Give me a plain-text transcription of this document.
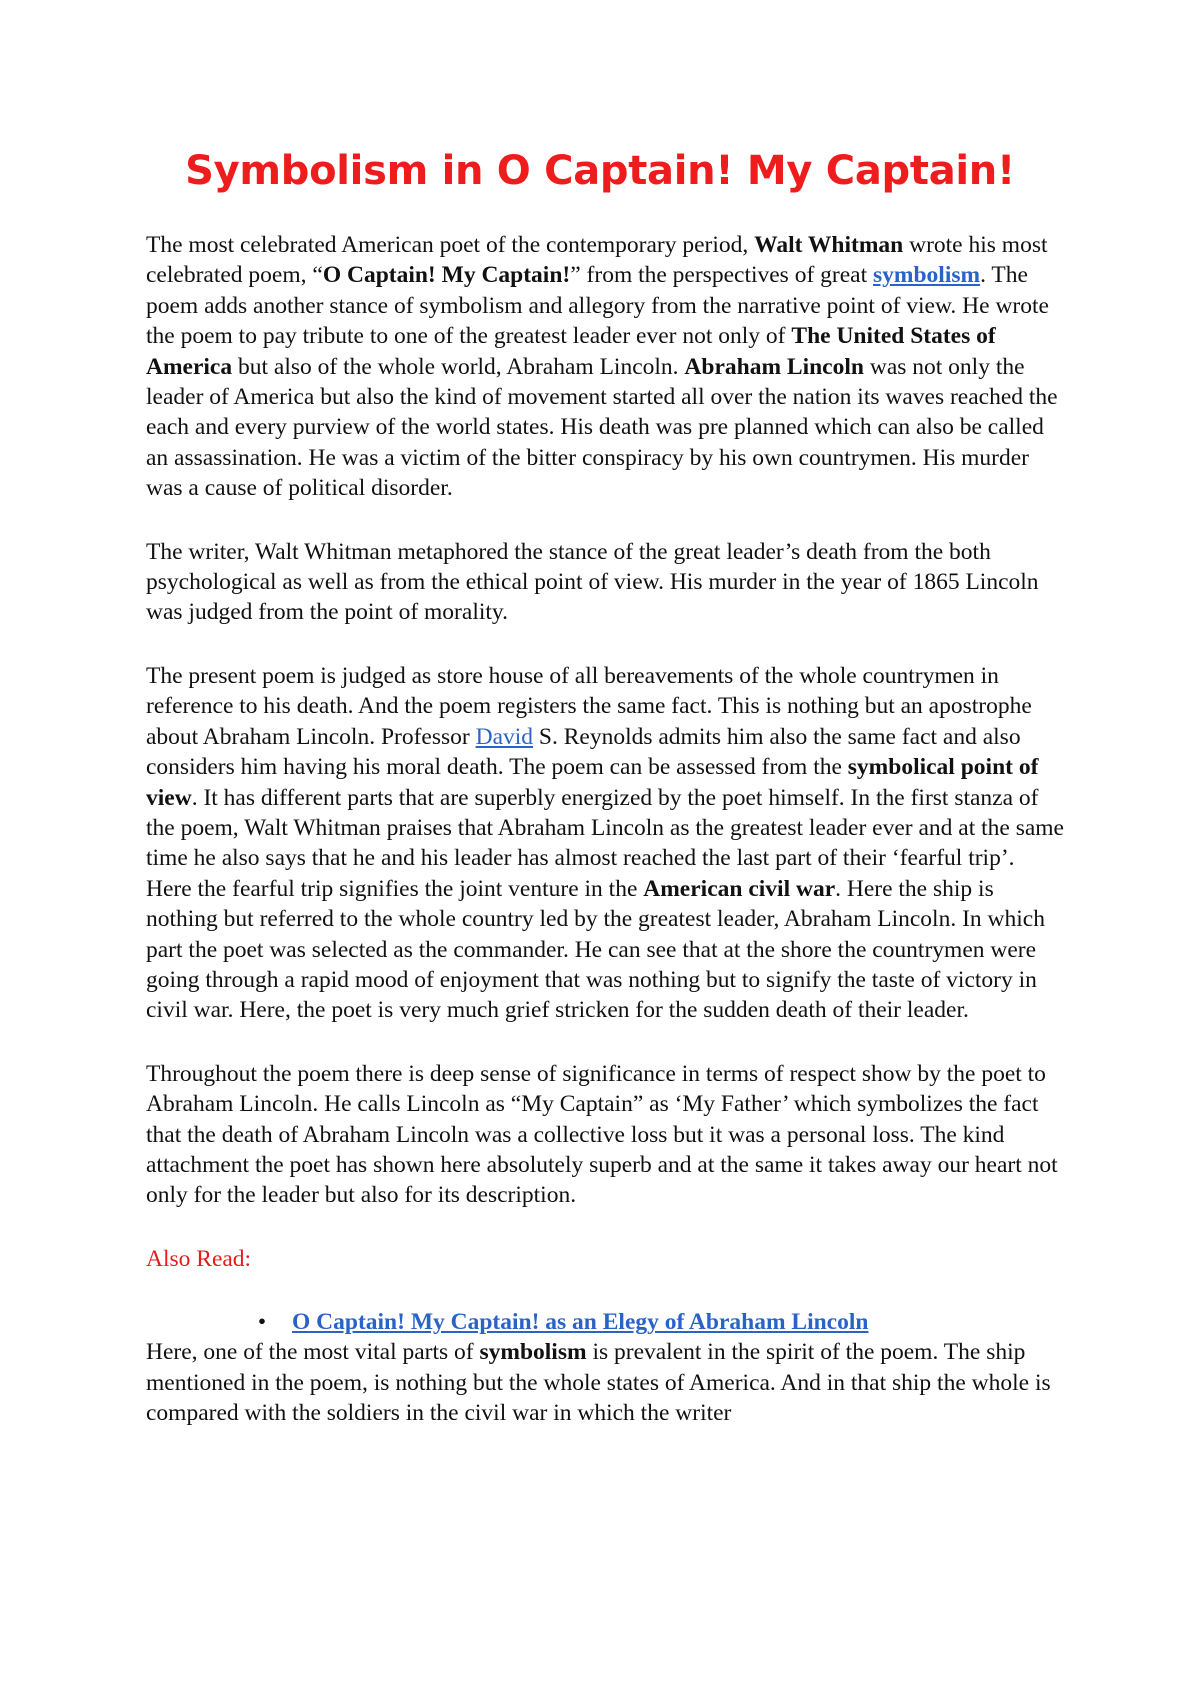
Symbolism in O Captain! My Captain!

The most celebrated American poet of the contemporary period, Walt Whitman wrote his most celebrated poem, “O Captain! My Captain!” from the perspectives of great symbolism. The poem adds another stance of symbolism and allegory from the narrative point of view. He wrote the poem to pay tribute to one of the greatest leader ever not only of The United States of America but also of the whole world, Abraham Lincoln. Abraham Lincoln was not only the leader of America but also the kind of movement started all over the nation its waves reached the each and every purview of the world states. His death was pre planned which can also be called an assassination. He was a victim of the bitter conspiracy by his own countrymen. His murder was a cause of political disorder.

The writer, Walt Whitman metaphored the stance of the great leader’s death from the both psychological as well as from the ethical point of view. His murder in the year of 1865 Lincoln was judged from the point of morality.

The present poem is judged as store house of all bereavements of the whole countrymen in reference to his death. And the poem registers the same fact. This is nothing but an apostrophe about Abraham Lincoln. Professor David S. Reynolds admits him also the same fact and also considers him having his moral death. The poem can be assessed from the symbolical point of view. It has different parts that are superbly energized by the poet himself. In the first stanza of the poem, Walt Whitman praises that Abraham Lincoln as the greatest leader ever and at the same time he also says that he and his leader has almost reached the last part of their ‘fearful trip’. Here the fearful trip signifies the joint venture in the American civil war. Here the ship is nothing but referred to the whole country led by the greatest leader, Abraham Lincoln. In which part the poet was selected as the commander. He can see that at the shore the countrymen were going through a rapid mood of enjoyment that was nothing but to signify the taste of victory in civil war. Here, the poet is very much grief stricken for the sudden death of their leader.

Throughout the poem there is deep sense of significance in terms of respect show by the poet to Abraham Lincoln. He calls Lincoln as “My Captain” as ‘My Father’ which symbolizes the fact that the death of Abraham Lincoln was a collective loss but it was a personal loss. The kind attachment the poet has shown here absolutely superb and at the same it takes away our heart not only for the leader but also for its description.

Also Read:

• O Captain! My Captain! as an Elegy of Abraham Lincoln

Here, one of the most vital parts of symbolism is prevalent in the spirit of the poem. The ship mentioned in the poem, is nothing but the whole states of America. And in that ship the whole is compared with the soldiers in the civil war in which the writer
